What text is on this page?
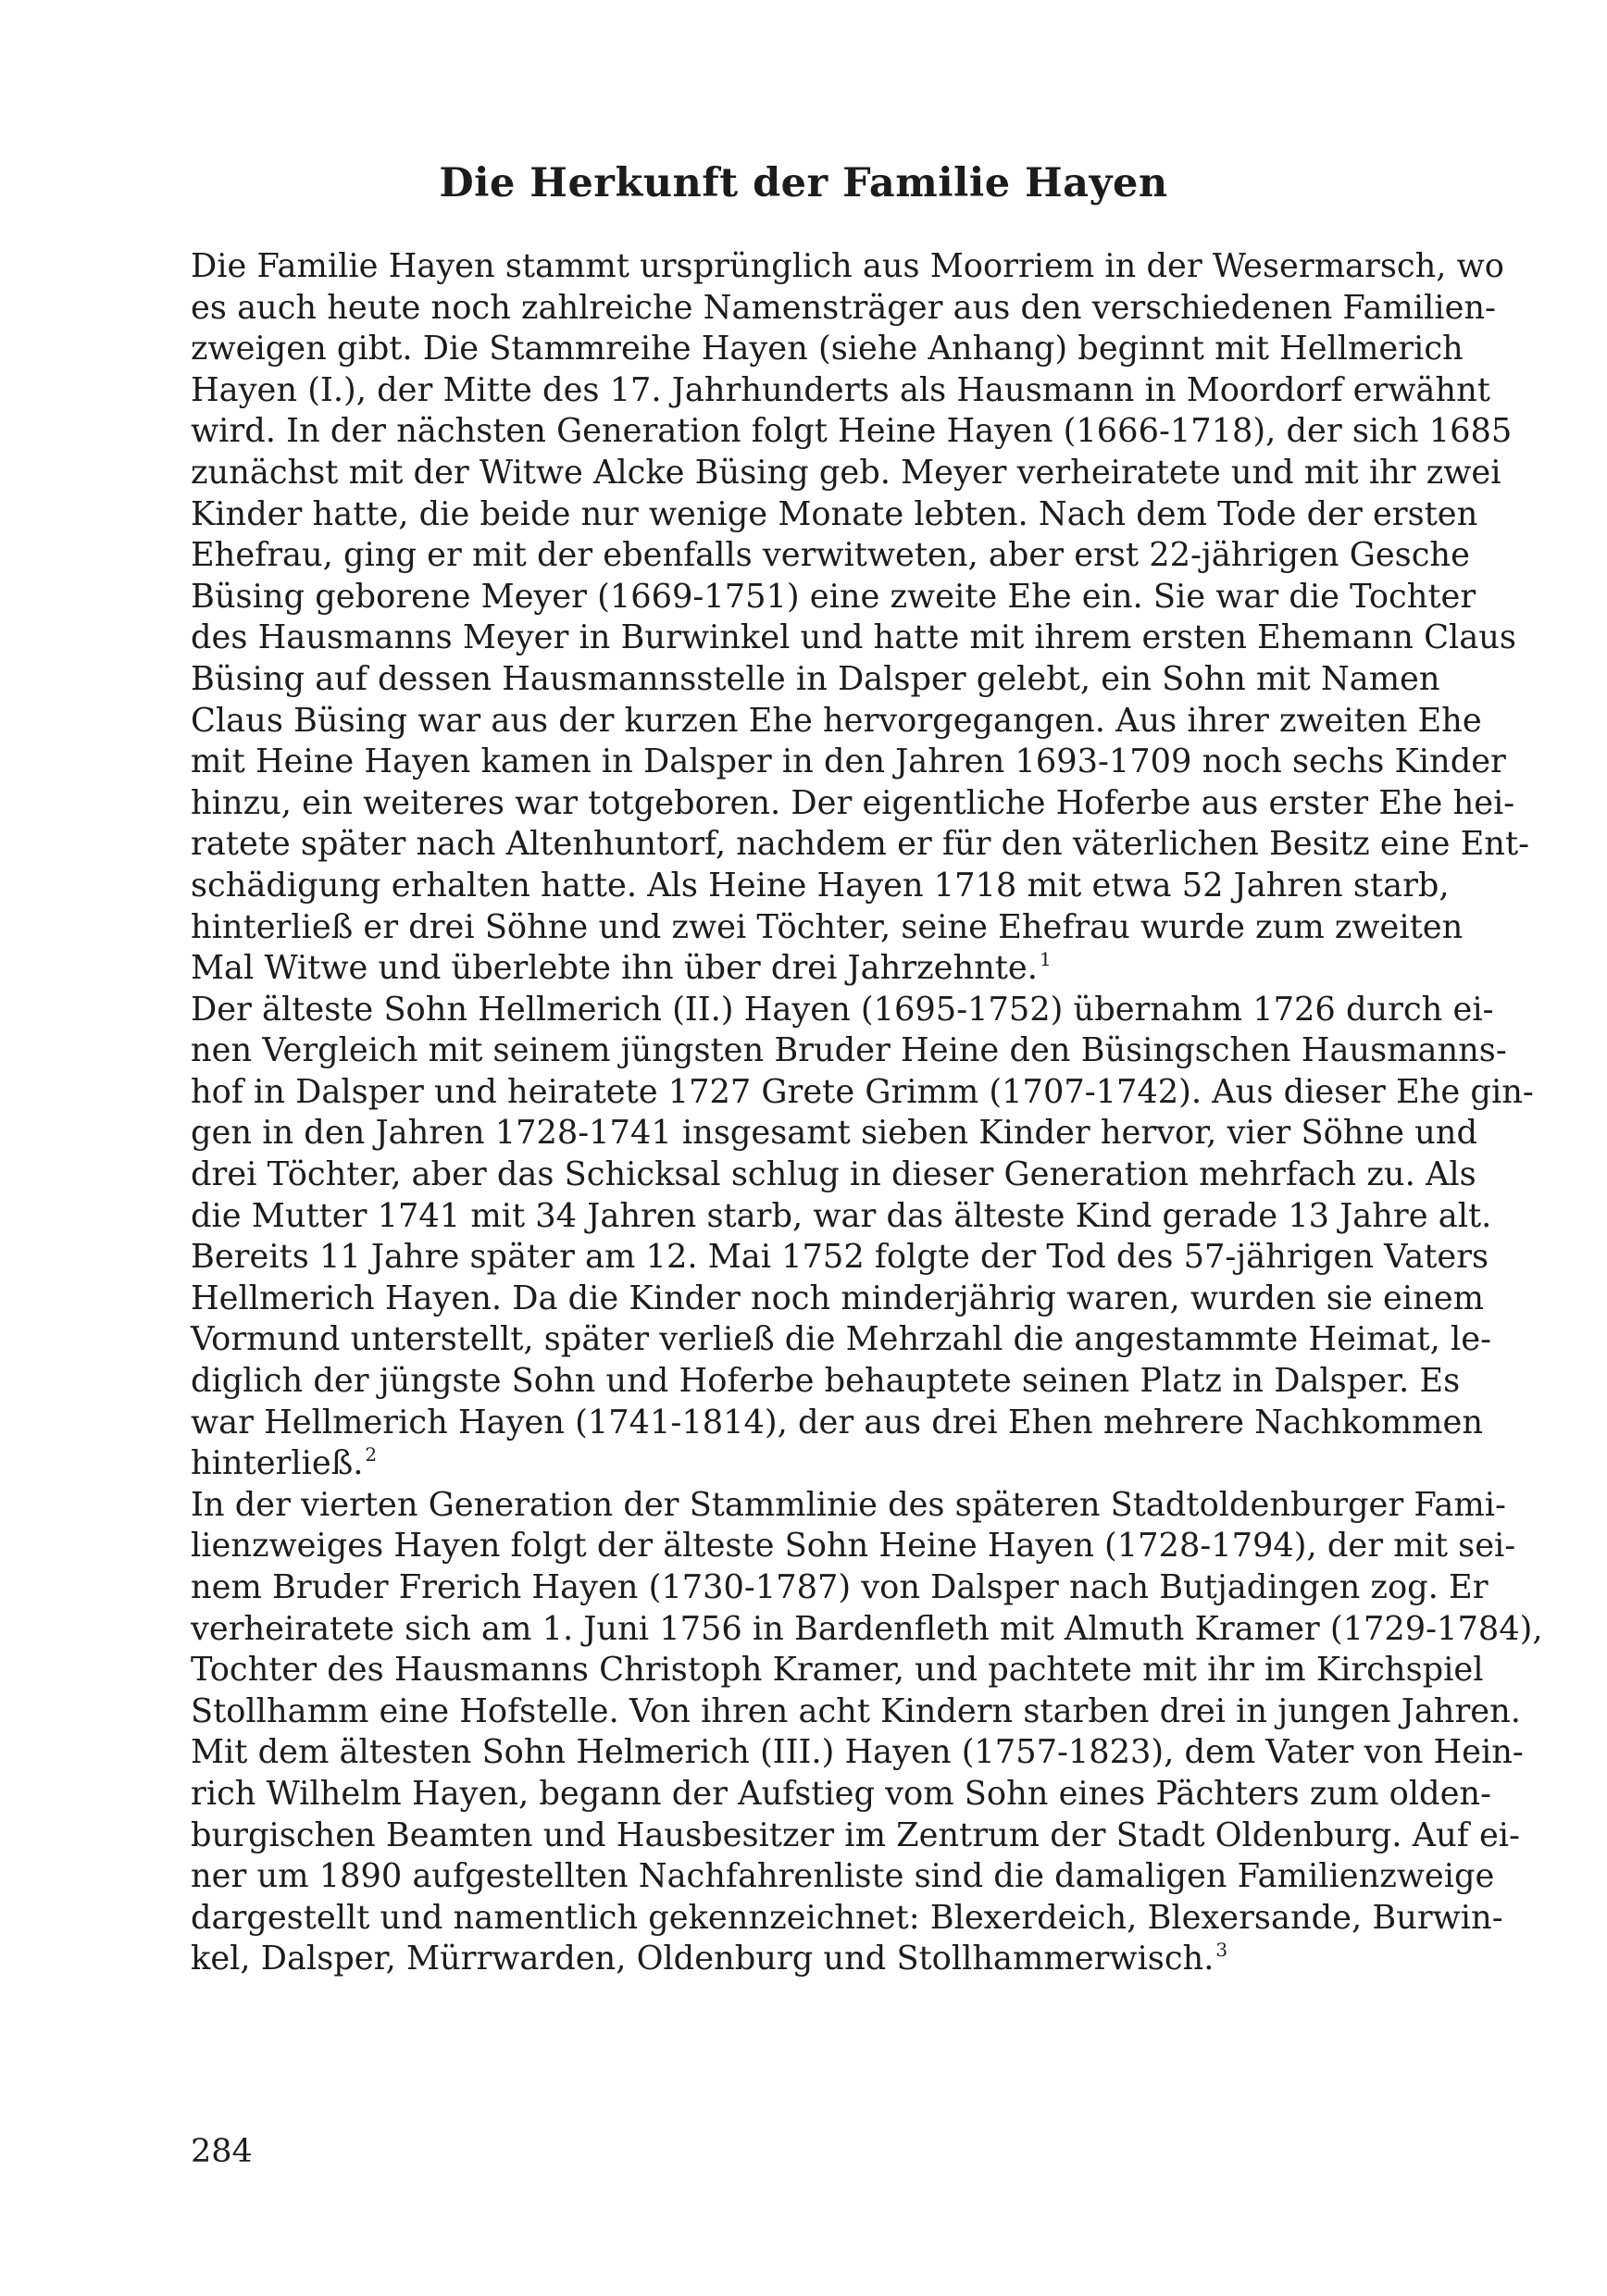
Die Herkunft der Familie Hayen
Die Familie Hayen stammt ursprünglich aus Moorriem in der Wesermarsch, wo
es auch heute noch zahlreiche Namensträger aus den verschiedenen Familien-
zweigen gibt. Die Stammreihe Hayen (siehe Anhang) beginnt mit Hellmerich
Hayen (I.), der Mitte des 17. Jahrhunderts als Hausmann in Moordorf erwähnt
wird. In der nächsten Generation folgt Heine Hayen (1666-1718), der sich 1685
zunächst mit der Witwe Alcke Büsing geb. Meyer verheiratete und mit ihr zwei
Kinder hatte, die beide nur wenige Monate lebten. Nach dem Tode der ersten
Ehefrau, ging er mit der ebenfalls verwitweten, aber erst 22-jährigen Gesche
Büsing geborene Meyer (1669-1751) eine zweite Ehe ein. Sie war die Tochter
des Hausmanns Meyer in Burwinkel und hatte mit ihrem ersten Ehemann Claus
Büsing auf dessen Hausmannsstelle in Dalsper gelebt, ein Sohn mit Namen
Claus Büsing war aus der kurzen Ehe hervorgegangen. Aus ihrer zweiten Ehe
mit Heine Hayen kamen in Dalsper in den Jahren 1693-1709 noch sechs Kinder
hinzu, ein weiteres war totgeboren. Der eigentliche Hoferbe aus erster Ehe hei-
ratete später nach Altenhuntorf, nachdem er für den väterlichen Besitz eine Ent-
schädigung erhalten hatte. Als Heine Hayen 1718 mit etwa 52 Jahren starb,
hinterließ er drei Söhne und zwei Töchter, seine Ehefrau wurde zum zweiten
Mal Witwe und überlebte ihn über drei Jahrzehnte. $^1$
Der älteste Sohn Hellmerich (II.) Hayen (1695-1752) übernahm 1726 durch ei-
nen Vergleich mit seinem jüngsten Bruder Heine den Büsingschen Hausmanns-
hof in Dalsper und heiratete 1727 Grete Grimm (1707-1742). Aus dieser Ehe gin-
gen in den Jahren 1728-1741 insgesamt sieben Kinder hervor, vier Söhne und
drei Töchter, aber das Schicksal schlug in dieser Generation mehrfach zu. Als
die Mutter 1741 mit 34 Jahren starb, war das älteste Kind gerade 13 Jahre alt.
Bereits 11 Jahre später am 12. Mai 1752 folgte der Tod des 57-jährigen Vaters
Hellmerich Hayen. Da die Kinder noch minderjährig waren, wurden sie einem
Vormund unterstellt, später verließ die Mehrzahl die angestammte Heimat, le-
diglich der jüngste Sohn und Hoferbe behauptete seinen Platz in Dalsper. Es
war Hellmerich Hayen (1741-1814), der aus drei Ehen mehrere Nachkommen
hinterließ. $^2$
In der vierten Generation der Stammlinie des späteren Stadtoldenburger Fami-
lienzweiges Hayen folgt der älteste Sohn Heine Hayen (1728-1794), der mit sei-
nem Bruder Frerich Hayen (1730-1787) von Dalsper nach Butjadingen zog. Er
verheiratete sich am 1. Juni 1756 in Bardenfleth mit Almuth Kramer (1729-1784),
Tochter des Hausmanns Christoph Kramer, und pachtete mit ihr im Kirchspiel
Stollhamm eine Hofstelle. Von ihren acht Kindern starben drei in jungen Jahren.
Mit dem ältesten Sohn Helmerich (III.) Hayen (1757-1823), dem Vater von Hein-
rich Wilhelm Hayen, begann der Aufstieg vom Sohn eines Pächters zum olden-
burgischen Beamten und Hausbesitzer im Zentrum der Stadt Oldenburg. Auf ei-
ner um 1890 aufgestellten Nachfahrenliste sind die damaligen Familienzweige
dargestellt und namentlich gekennzeichnet: Blexerdeich, Blexersande, Burwin-
kel, Dalsper, Mürrwarden, Oldenburg und Stollhammerwisch. $^3$
284
